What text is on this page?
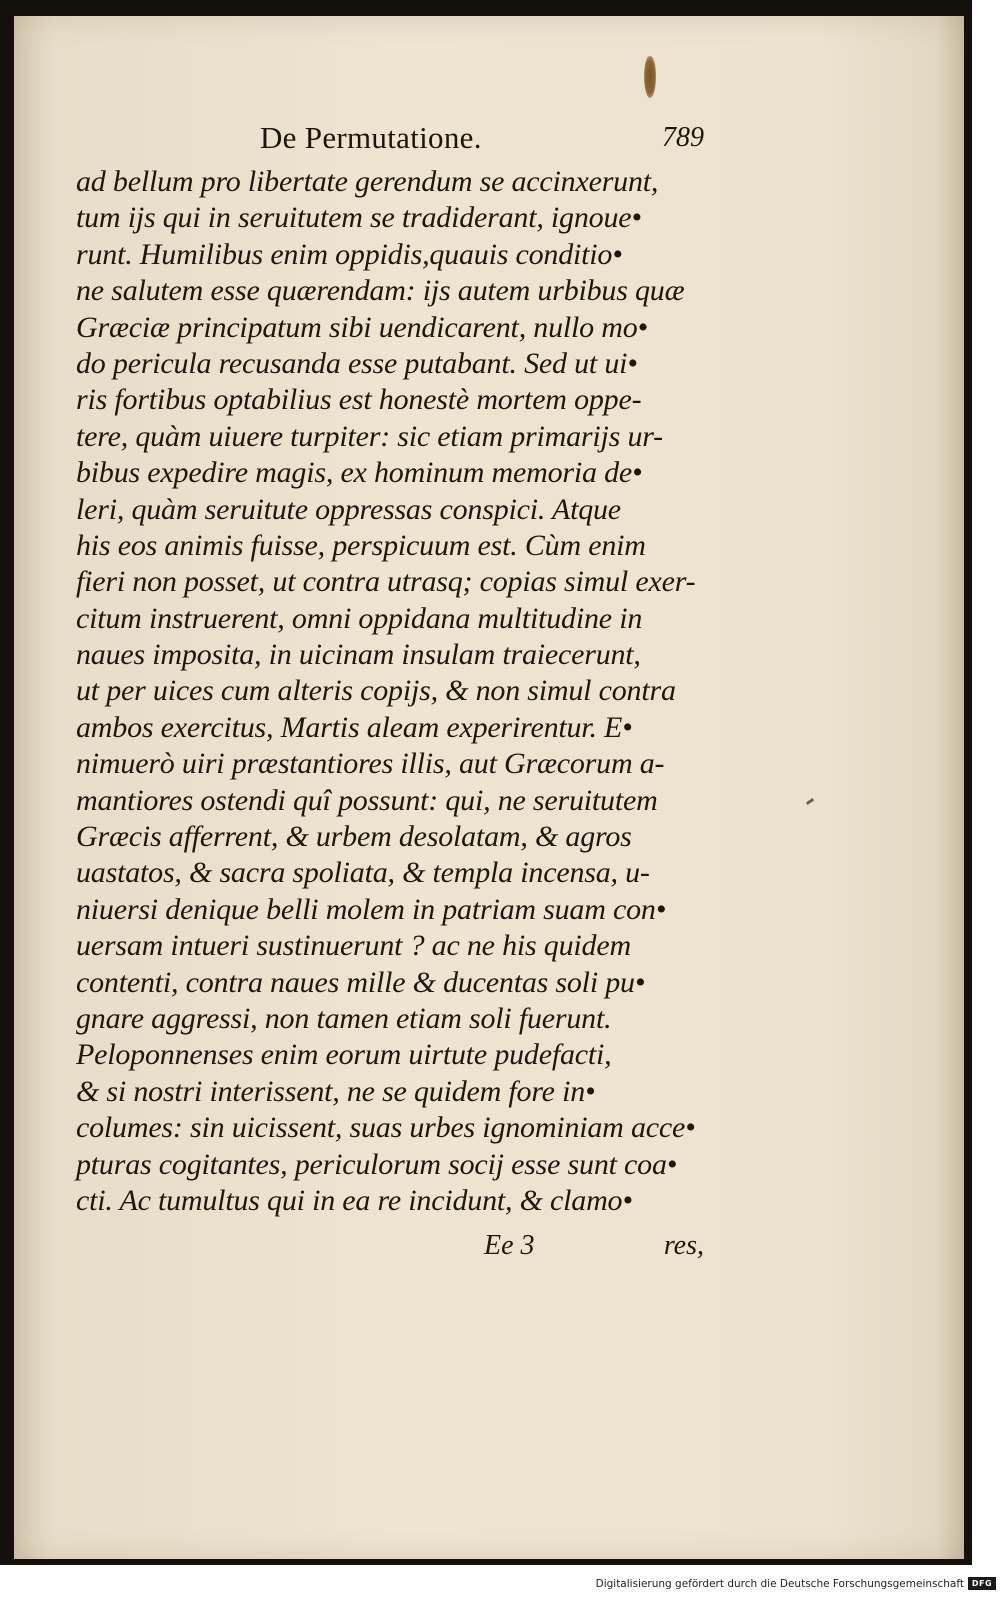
De Permutatione.	789
ad bellum pro libertate gerendum se accinxerunt,
tum ijs qui in seruitutem se tradiderant, ignoue•
runt. Humilibus enim oppidis,quauis conditio•
ne salutem esse quærendam: ijs autem urbibus quæ
Græciæ principatum sibi uendicarent, nullo mo•
do pericula recusanda esse putabant. Sed ut ui•
ris fortibus optabilius est honestè mortem oppe-
tere, quàm uiuere turpiter: sic etiam primarijs ur-
bibus expedire magis, ex hominum memoria de•
leri, quàm seruitute oppressas conspici. Atque
his eos animis fuisse, perspicuum est. Cùm enim
fieri non posset, ut contra utrasq; copias simul exer-
citum instruerent, omni oppidana multitudine in
naues imposita, in uicinam insulam traiecerunt,
ut per uices cum alteris copijs, & non simul contra
ambos exercitus, Martis aleam experirentur. E•
nimuerò uiri præstantiores illis, aut Græcorum a-
mantiores ostendi quî possunt: qui, ne seruitutem
Græcis afferrent, & urbem desolatam, & agros
uastatos, & sacra spoliata, & templa incensa, u-
niuersi denique belli molem in patriam suam con•
uersam intueri sustinuerunt ? ac ne his quidem
contenti, contra naues mille & ducentas soli pu•
gnare aggressi, non tamen etiam soli fuerunt.
Peloponnenses enim eorum uirtute pudefacti,
& si nostri interissent, ne se quidem fore in•
columes: sin uicissent, suas urbes ignominiam acce•
pturas cogitantes, periculorum socij esse sunt coa•
cti. Ac tumultus qui in ea re incidunt, & clamo•
Ee 3	res,
Digitalisierung gefördert durch die Deutsche Forschungsgemeinschaft DFG
